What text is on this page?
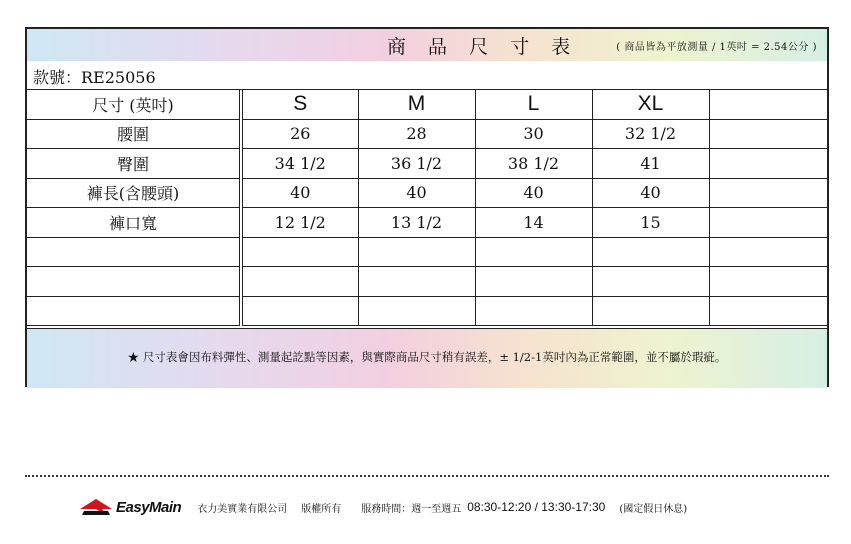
商 品 尺 寸 表	( 商品皆為平放測量 / 1英吋 = 2.54公分 )
款號：RE25056
尺寸 (英吋)	S	M	L	XL	
腰圍	26	28	30	32 1/2	
臀圍	34 1/2	36 1/2	38 1/2	41	
褲長(含腰頭)	40	40	40	40	
褲口寬	12 1/2	13 1/2	14	15	

★ 尺寸表會因布料彈性、測量起訖點等因素，與實際商品尺寸稍有誤差，± 1/2-1英吋內為正常範圍，並不屬於瑕疵。
EasyMain 衣力美實業有限公司 版權所有 服務時間：週一至週五 08:30-12:20 / 13:30-17:30 (國定假日休息)
